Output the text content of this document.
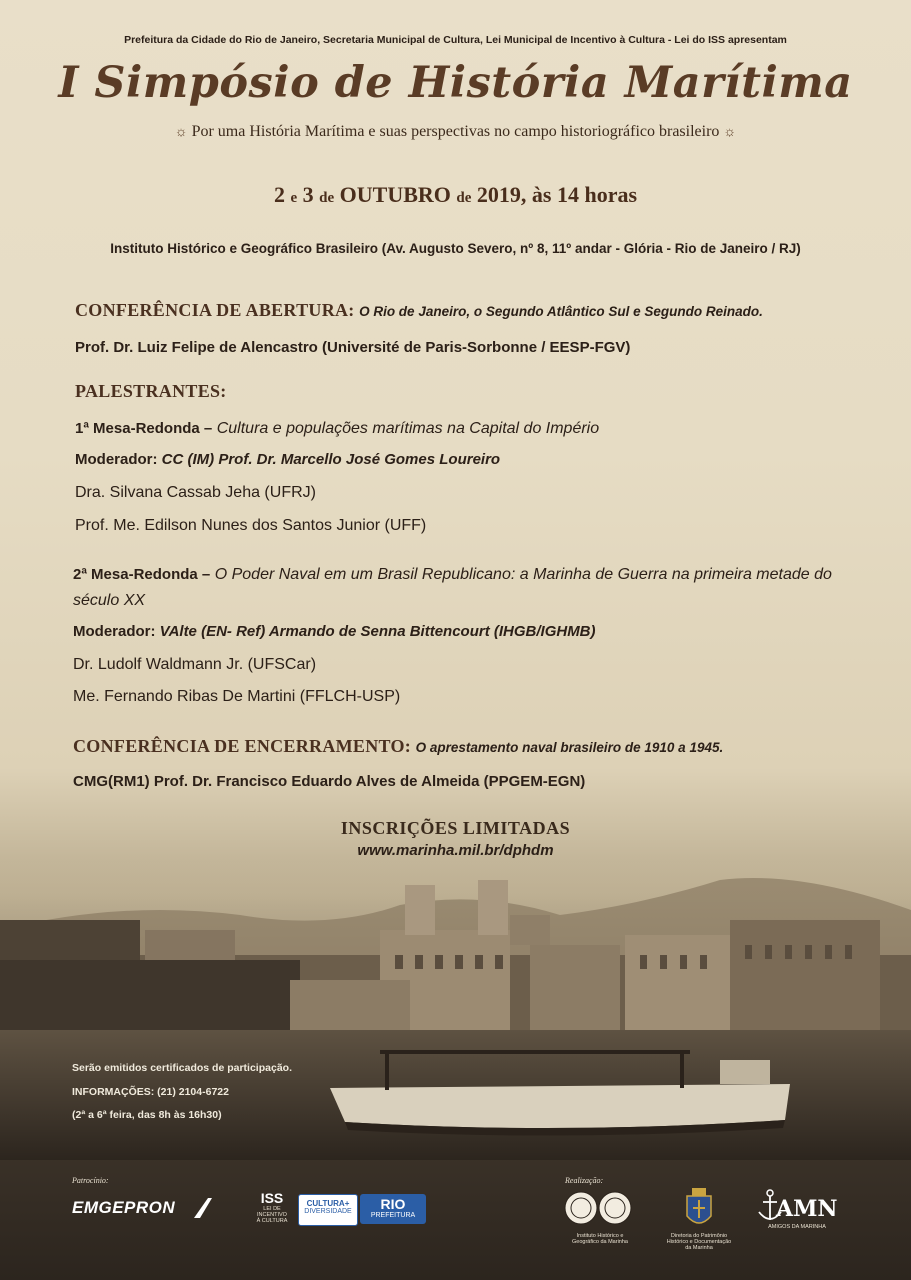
Prefeitura da Cidade do Rio de Janeiro, Secretaria Municipal de Cultura, Lei Municipal de Incentivo à Cultura - Lei do ISS apresentam
I Simpósio de História Marítima
☼ Por uma História Marítima e suas perspectivas no campo historiográfico brasileiro ☼
2 e 3 de OUTUBRO de 2019, às 14 horas
Instituto Histórico e Geográfico Brasileiro (Av. Augusto Severo, nº 8, 11º andar - Glória - Rio de Janeiro / RJ)
CONFERÊNCIA DE ABERTURA: O Rio de Janeiro, o Segundo Atlântico Sul e Segundo Reinado.
Prof. Dr. Luiz Felipe de Alencastro (Université de Paris-Sorbonne / EESP-FGV)
PALESTRANTES:
1ª Mesa-Redonda – Cultura e populações marítimas na Capital do Império
Moderador: CC (IM) Prof. Dr. Marcello José Gomes Loureiro
Dra. Silvana Cassab Jeha (UFRJ)
Prof. Me. Edilson Nunes dos Santos Junior (UFF)
2ª Mesa-Redonda – O Poder Naval em um Brasil Republicano: a Marinha de Guerra na primeira metade do
século XX
Moderador: VAlte (EN- Ref) Armando de Senna Bittencourt (IHGB/IGHMB)
Dr. Ludolf Waldmann Jr. (UFSCar)
Me. Fernando Ribas De Martini (FFLCH-USP)
CONFERÊNCIA DE ENCERRAMENTO: O aprestamento naval brasileiro de 1910 a 1945.
CMG(RM1) Prof. Dr. Francisco Eduardo Alves de Almeida (PPGEM-EGN)
INSCRIÇÕES LIMITADAS
www.marinha.mil.br/dphdm
Serão emitidos certificados de participação.
INFORMAÇÕES: (21) 2104-6722
(2ª a 6ª feira, das 8h às 16h30)
Patrocínio:
EMGEPRON	ISS
LEI DE INCENTIVO À CULTURA
CULTURA+
DIVERSIDADE	RIO
PREFEITURA
Realização:
Instituto Histórico e Geográfico da Marinha
Diretoria do Patrimônio Histórico e Documentação da Marinha
AMN
AMIGOS DA MARINHA
